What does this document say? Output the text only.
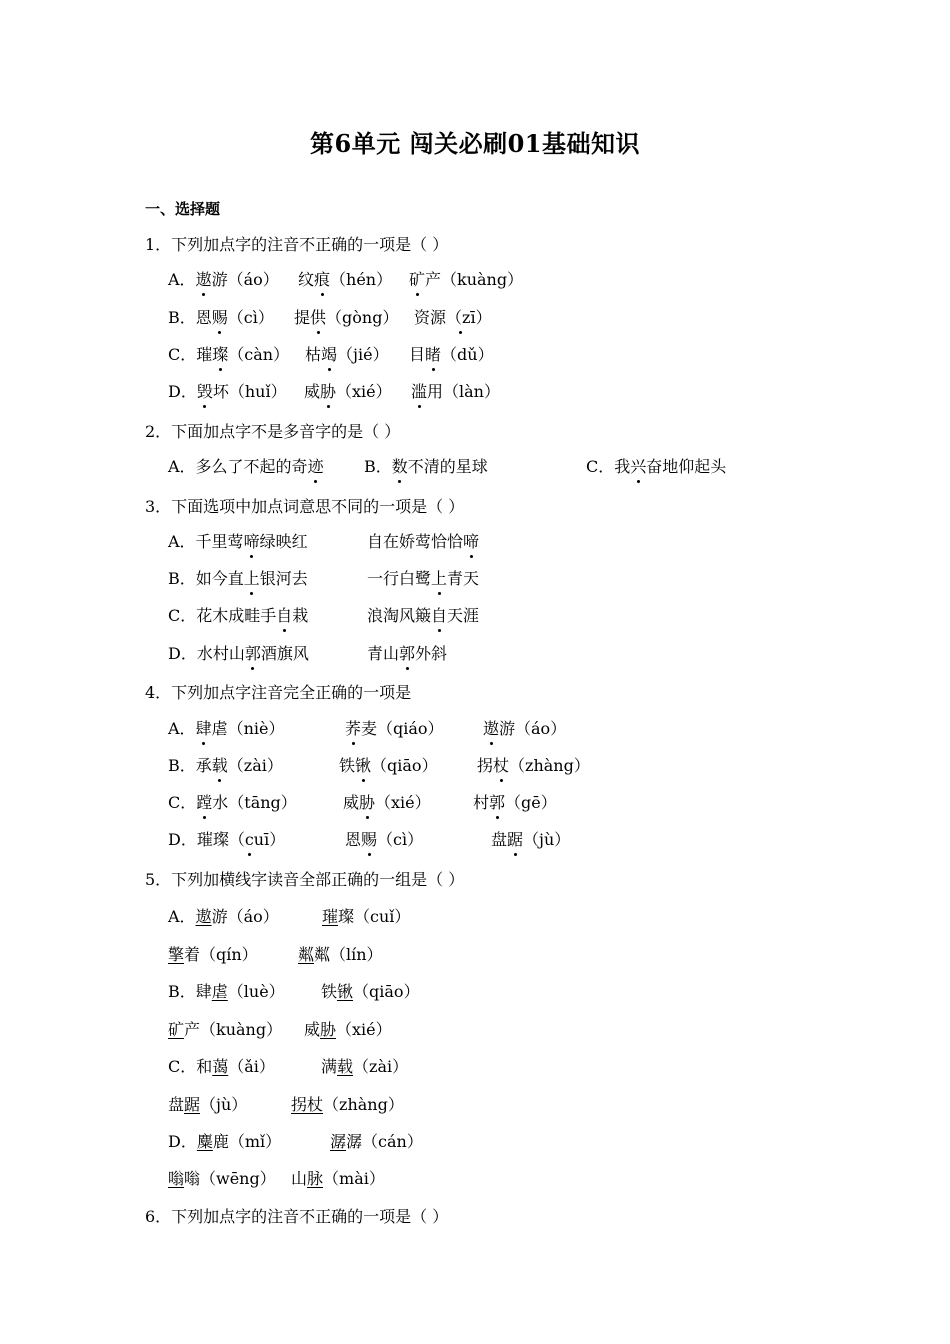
第6单元 闯关必刷01基础知识
一、选择题
1．下列加点字的注音不正确的一项是（ ）
A．遨游（áo） 纹痕（hén） 矿产（kuàng）
B．恩赐（cì） 提供（gòng） 资源（zī）
C．璀璨（càn） 枯竭（jié） 目睹（dǔ）
D．毁坏（huǐ） 威胁（xié） 滥用（làn）
2．下面加点字不是多音字的是（ ）
A．多么了不起的奇迹	B．数不清的星球	C．我兴奋地仰起头
3．下面选项中加点词意思不同的一项是（ ）
A．千里莺啼绿映红	自在娇莺恰恰啼
B．如今直上银河去	一行白鹭上青天
C．花木成畦手自栽	浪淘风簸自天涯
D．水村山郭酒旗风	青山郭外斜
4．下列加点字注音完全正确的一项是
A．肆虐（niè）	荞麦（qiáo） 遨游（áo）
B．承载（zài）	铁锹（qiāo） 拐杖（zhàng）
C．蹚水（tāng）	威胁（xié）	村郭（gē）
D．璀璨（cuī）	恩赐（cì）	盘踞（jù）
5．下列加横线字读音全部正确的一组是（ ）
A．遨游（áo）	璀璨（cuǐ）
擎着（qín）	粼粼（lín）
B．肆虐（luè） 铁锹（qiāo）
矿产（kuàng） 威胁（xié）
C．和蔼（ǎi）	满载（zài）
盘踞（jù）	拐杖（zhàng）
D．麋鹿（mǐ）	潺潺（cán）
嗡嗡（wēng） 山脉（mài）
6．下列加点字的注音不正确的一项是（ ）
